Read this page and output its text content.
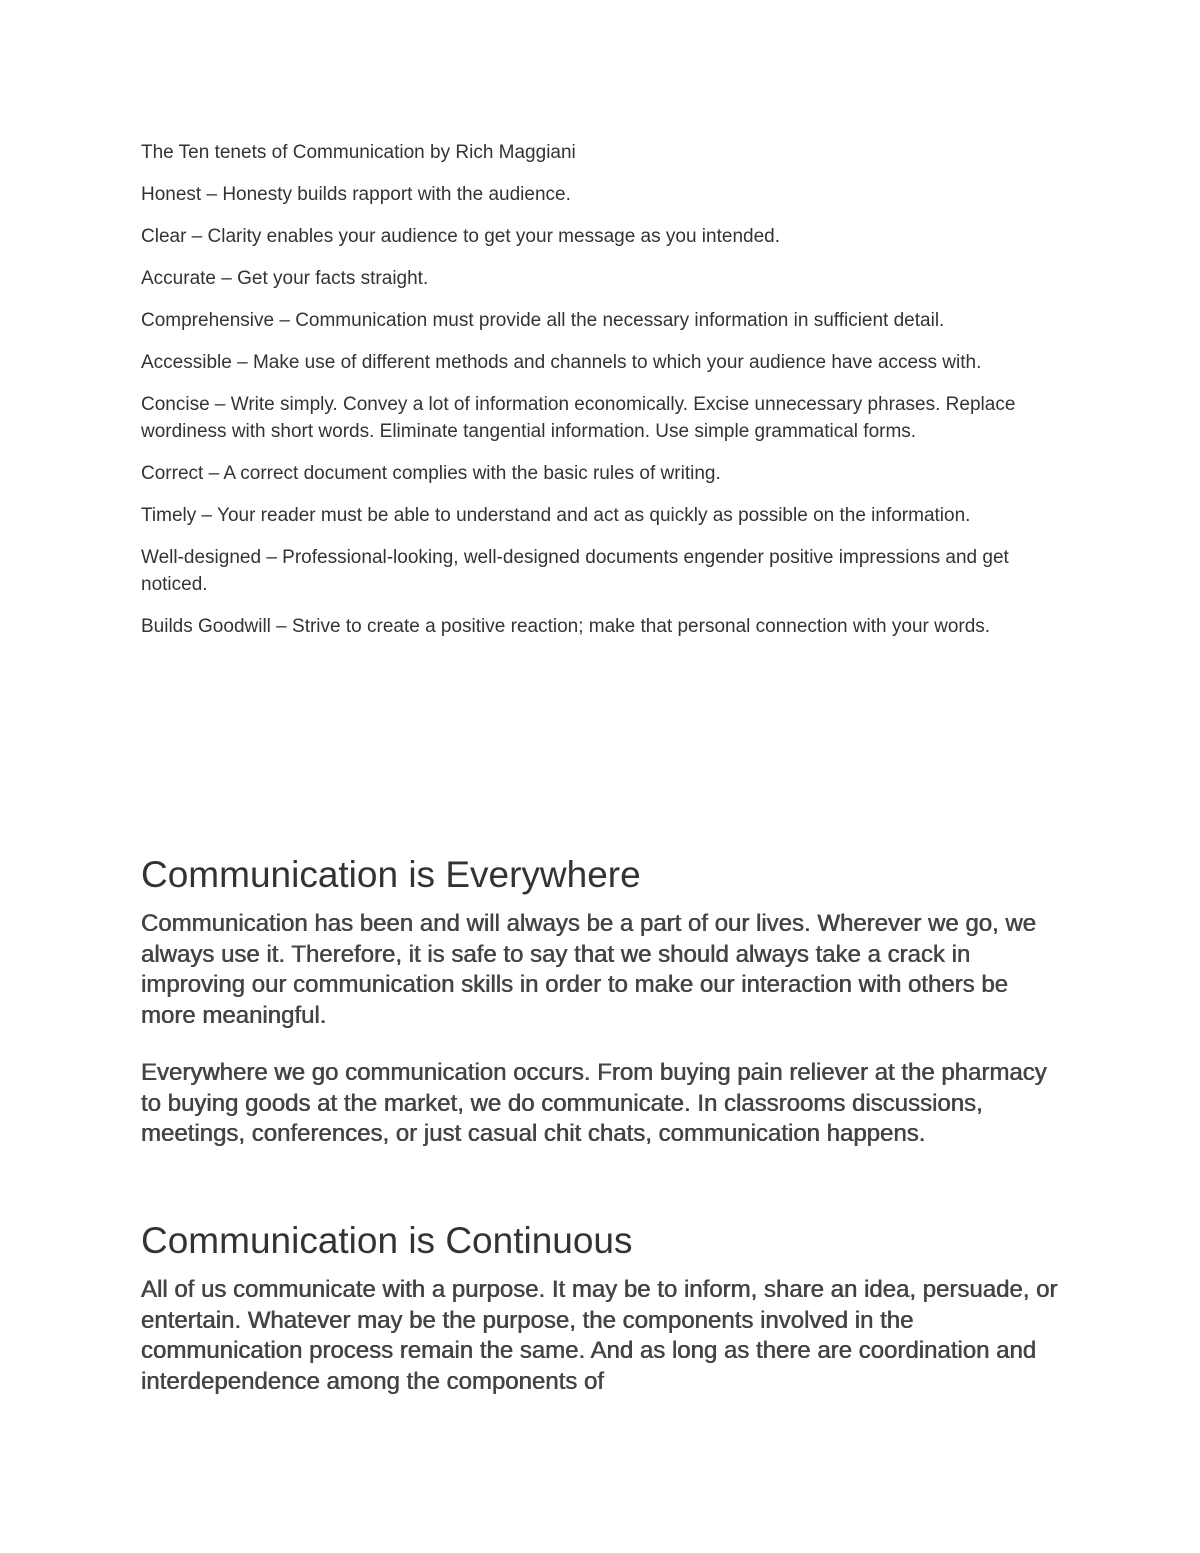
The Ten tenets of Communication by Rich Maggiani

Honest – Honesty builds rapport with the audience.

Clear – Clarity enables your audience to get your message as you intended.

Accurate – Get your facts straight.

Comprehensive – Communication must provide all the necessary information in sufficient detail.

Accessible – Make use of different methods and channels to which your audience have access with.

Concise – Write simply. Convey a lot of information economically. Excise unnecessary phrases. Replace wordiness with short words. Eliminate tangential information. Use simple grammatical forms.

Correct – A correct document complies with the basic rules of writing.

Timely – Your reader must be able to understand and act as quickly as possible on the information.

Well-designed – Professional-looking, well-designed documents engender positive impressions and get noticed.

Builds Goodwill – Strive to create a positive reaction; make that personal connection with your words.

Communication is Everywhere

Communication has been and will always be a part of our lives. Wherever we go, we always use it. Therefore, it is safe to say that we should always take a crack in improving our communication skills in order to make our interaction with others be more meaningful.

Everywhere we go communication occurs. From buying pain reliever at the pharmacy to buying goods at the market, we do communicate. In classrooms discussions, meetings, conferences, or just casual chit chats, communication happens.

Communication is Continuous

All of us communicate with a purpose. It may be to inform, share an idea, persuade, or entertain. Whatever may be the purpose, the components involved in the communication process remain the same. And as long as there are coordination and interdependence among the components of
